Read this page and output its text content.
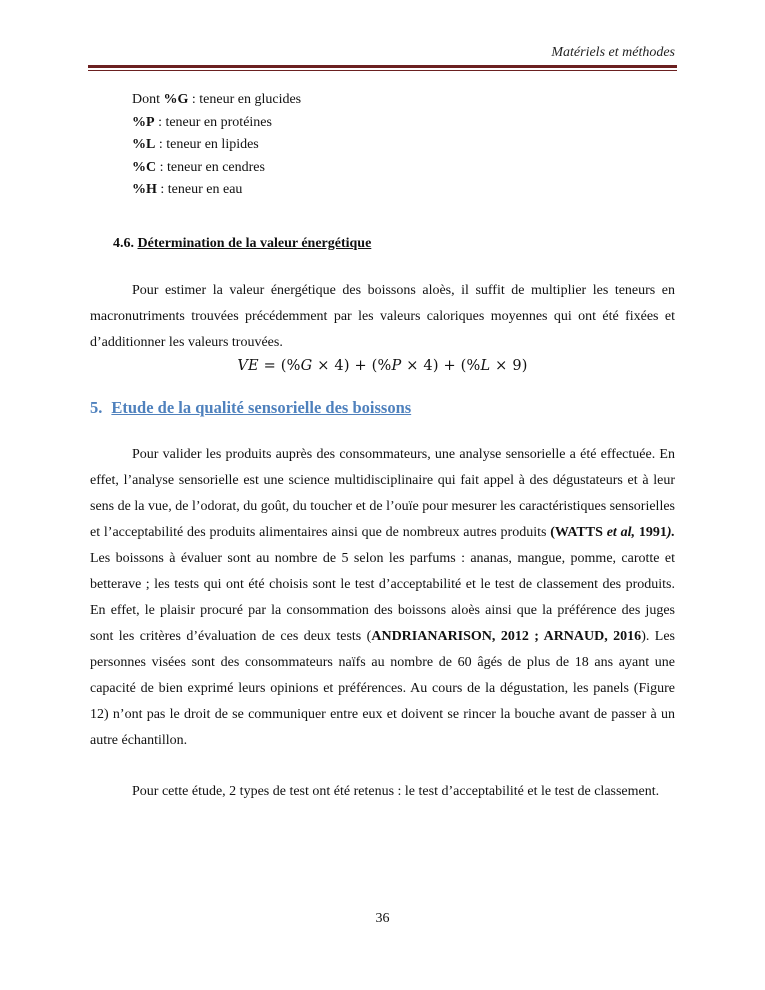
Matériels et méthodes
Dont %G : teneur en glucides
%P : teneur en protéines
%L : teneur en lipides
%C : teneur en cendres
%H : teneur en eau
4.6. Détermination de la valeur énergétique
Pour estimer la valeur énergétique des boissons aloès, il suffit de multiplier les teneurs en macronutriments trouvées précédemment par les valeurs caloriques moyennes qui ont été fixées et d’additionner les valeurs trouvées.
VE = (%G × 4) + (%P × 4) + (%L × 9)
5. Etude de la qualité sensorielle des boissons
Pour valider les produits auprès des consommateurs, une analyse sensorielle a été effectuée. En effet, l’analyse sensorielle est une science multidisciplinaire qui fait appel à des dégustateurs et à leur sens de la vue, de l’odorat, du goût, du toucher et de l’ouïe pour mesurer les caractéristiques sensorielles et l’acceptabilité des produits alimentaires ainsi que de nombreux autres produits (WATTS et al, 1991). Les boissons à évaluer sont au nombre de 5 selon les parfums : ananas, mangue, pomme, carotte et betterave ; les tests qui ont été choisis sont le test d’acceptabilité et le test de classement des produits. En effet, le plaisir procuré par la consommation des boissons aloès ainsi que la préférence des juges sont les critères d’évaluation de ces deux tests (ANDRIANARISON, 2012 ; ARNAUD, 2016). Les personnes visées sont des consommateurs naïfs au nombre de 60 âgés de plus de 18 ans ayant une capacité de bien exprimé leurs opinions et préférences. Au cours de la dégustation, les panels (Figure 12) n’ont pas le droit de se communiquer entre eux et doivent se rincer la bouche avant de passer à un autre échantillon.
Pour cette étude, 2 types de test ont été retenus : le test d’acceptabilité et le test de classement.
36
